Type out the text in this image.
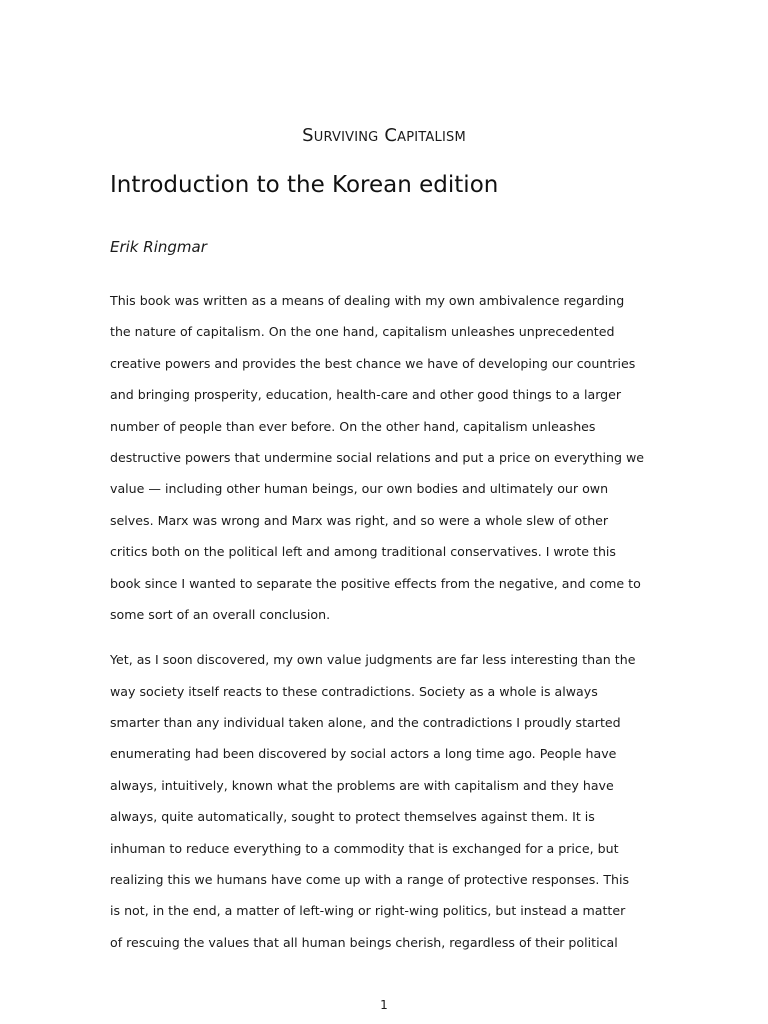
Surviving Capitalism
Introduction to the Korean edition
Erik Ringmar

This book was written as a means of dealing with my own ambivalence regarding
the nature of capitalism. On the one hand, capitalism unleashes unprecedented
creative powers and provides the best chance we have of developing our countries
and bringing prosperity, education, health-care and other good things to a larger
number of people than ever before. On the other hand, capitalism unleashes
destructive powers that undermine social relations and put a price on everything we
value — including other human beings, our own bodies and ultimately our own
selves. Marx was wrong and Marx was right, and so were a whole slew of other
critics both on the political left and among traditional conservatives. I wrote this
book since I wanted to separate the positive effects from the negative, and come to
some sort of an overall conclusion.

Yet, as I soon discovered, my own value judgments are far less interesting than the
way society itself reacts to these contradictions. Society as a whole is always
smarter than any individual taken alone, and the contradictions I proudly started
enumerating had been discovered by social actors a long time ago. People have
always, intuitively, known what the problems are with capitalism and they have
always, quite automatically, sought to protect themselves against them. It is
inhuman to reduce everything to a commodity that is exchanged for a price, but
realizing this we humans have come up with a range of protective responses. This
is not, in the end, a matter of left-wing or right-wing politics, but instead a matter
of rescuing the values that all human beings cherish, regardless of their political

1
